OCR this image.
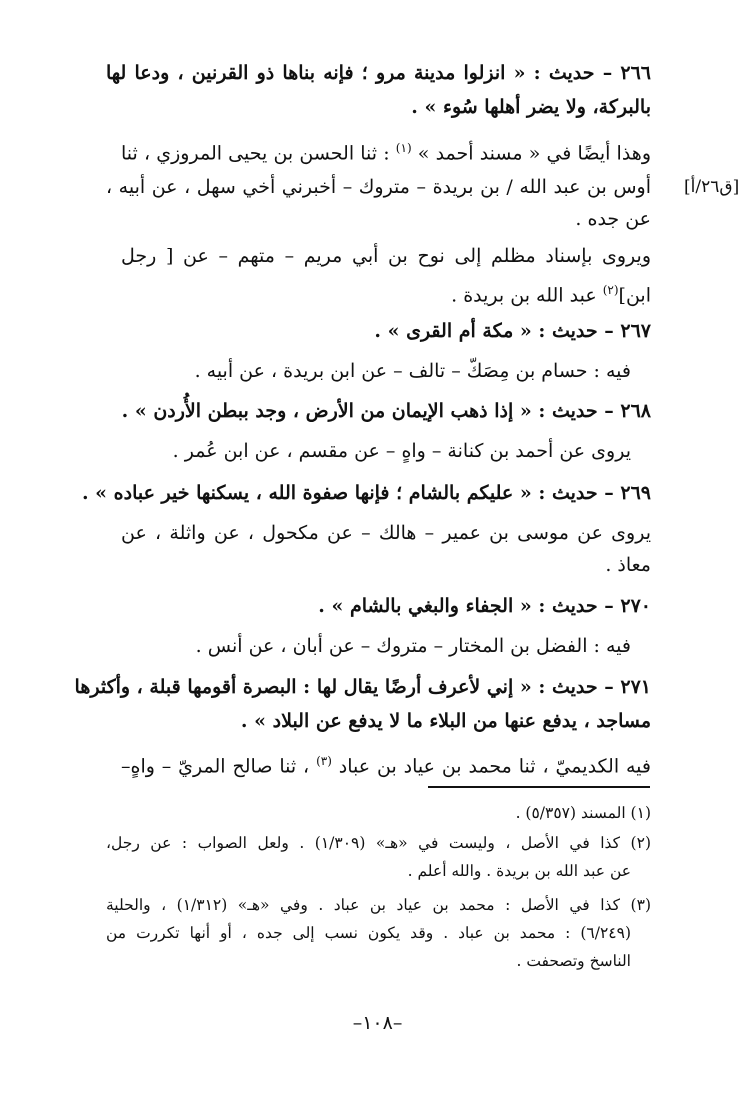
٢٦٦ – حديث : « انزلوا مدينة مرو ؛ فإنه بناها ذو القرنين ، ودعا لها
بالبركة، ولا يضر أهلها سُوء » .
وهذا أيضًا في « مسند أحمد » $^{(١)}$ : ثنا الحسن بن يحيى المروزي ، ثنا
[ق٢٦/أ]
أوس بن عبد الله / بن بريدة – متروك – أخبرني أخي سهل ، عن أبيه ،
عن جده .
ويروى بإسناد مظلم إلى نوح بن أبي مريم – متهم – عن [ رجل
ابن]$^{(٢)}$ عبد الله بن بريدة .
٢٦٧ – حديث : « مكة أم القرى » .
فيه : حسام بن مِصَكّ – تالف – عن ابن بريدة ، عن أبيه .
٢٦٨ – حديث : « إذا ذهب الإيمان من الأرض ، وجد ببطن الأُردن » .
يروى عن أحمد بن كنانة – واهٍ – عن مقسم ، عن ابن عُمر .
٢٦٩ – حديث : « عليكم بالشام ؛ فإنها صفوة الله ، يسكنها خير عباده » .
يروى عن موسى بن عمير – هالك – عن مكحول ، عن واثلة ، عن
معاذ .
٢٧٠ – حديث : « الجفاء والبغي بالشام » .
فيه : الفضل بن المختار – متروك – عن أبان ، عن أنس .
٢٧١ – حديث : « إني لأعرف أرضًا يقال لها : البصرة أقومها قبلة ، وأكثرها
مساجد ، يدفع عنها من البلاء ما لا يدفع عن البلاد » .
فيه الكديميّ ، ثنا محمد بن عياد بن عباد $^{(٣)}$ ، ثنا صالح المريّ – واهٍ–
(١) المسند (٥/٣٥٧) .
(٢) كذا في الأصل ، وليست في «هـ» (١/٣٠٩) . ولعل الصواب : عن رجل،
عن عبد الله بن بريدة . والله أعلم .
(٣) كذا في الأصل : محمد بن عياد بن عباد . وفي «هـ» (١/٣١٢) ، والحلية
(٦/٢٤٩) : محمد بن عباد . وقد يكون نسب إلى جده ، أو أنها تكررت من
الناسخ وتصحفت .
–١٠٨–
